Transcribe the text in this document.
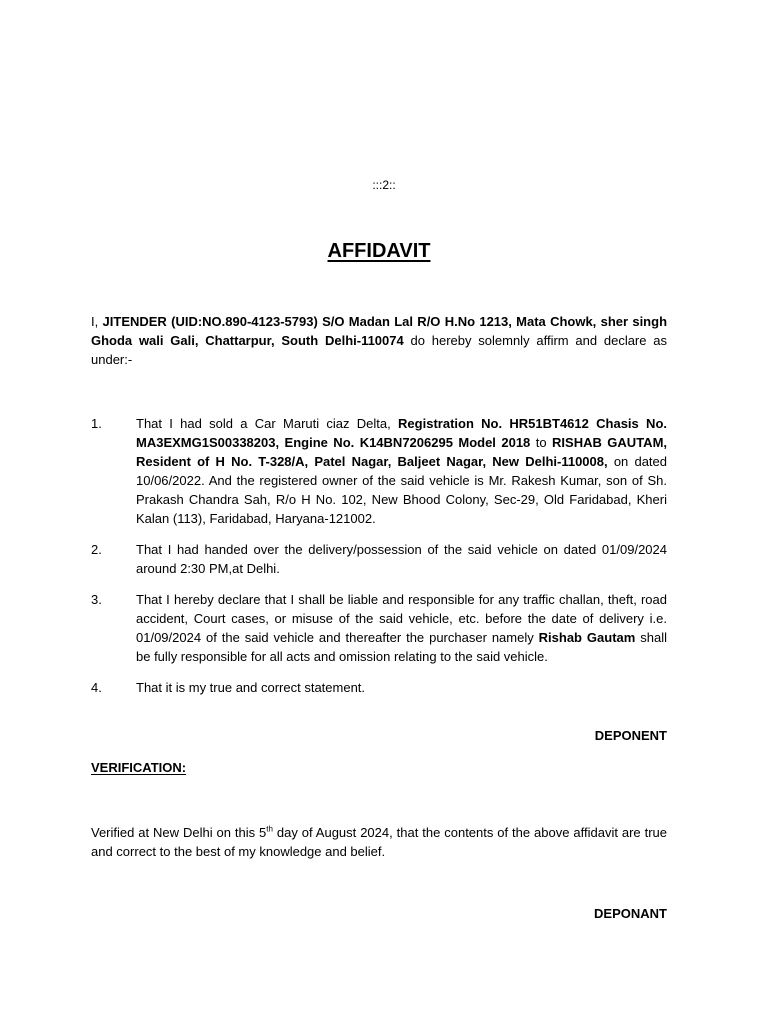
:::2::
AFFIDAVIT
I, JITENDER (UID:NO.890-4123-5793) S/O Madan Lal R/O H.No 1213, Mata Chowk, sher singh Ghoda wali Gali, Chattarpur, South Delhi-110074 do hereby solemnly affirm and declare as under:-
1.	That I had sold a Car Maruti ciaz Delta, Registration No. HR51BT4612 Chasis No. MA3EXMG1S00338203, Engine No. K14BN7206295 Model 2018 to RISHAB GAUTAM, Resident of H No. T-328/A, Patel Nagar, Baljeet Nagar, New Delhi-110008, on dated 10/06/2022. And the registered owner of the said vehicle is Mr. Rakesh Kumar, son of Sh. Prakash Chandra Sah, R/o H No. 102, New Bhood Colony, Sec-29, Old Faridabad, Kheri Kalan (113), Faridabad, Haryana-121002.
2.	That I had handed over the delivery/possession of the said vehicle on dated 01/09/2024 around 2:30 PM,at Delhi.
3.	That I hereby declare that I shall be liable and responsible for any traffic challan, theft, road accident, Court cases, or misuse of the said vehicle, etc. before the date of delivery i.e. 01/09/2024 of the said vehicle and thereafter the purchaser namely Rishab Gautam shall be fully responsible for all acts and omission relating to the said vehicle.
4.	That it is my true and correct statement.
DEPONENT
VERIFICATION:
Verified at New Delhi on this 5th day of August 2024, that the contents of the above affidavit are true and correct to the best of my knowledge and belief.
DEPONANT
